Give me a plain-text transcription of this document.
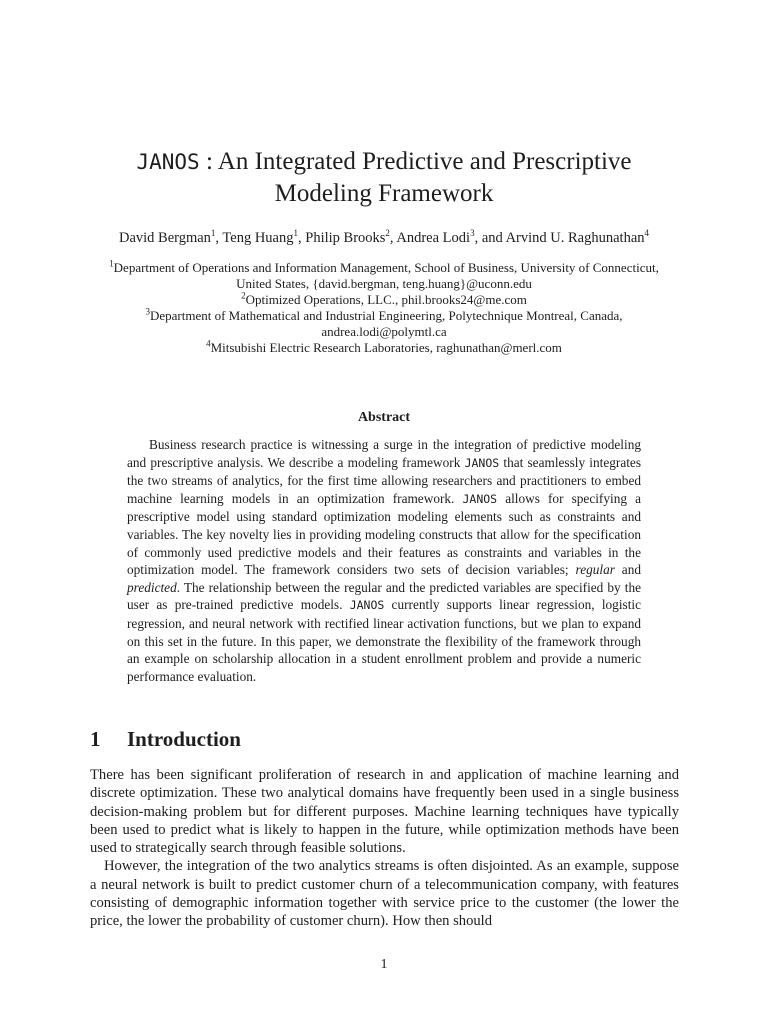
JANOS : An Integrated Predictive and Prescriptive
Modeling Framework
David Bergman$^1$, Teng Huang$^1$, Philip Brooks$^2$, Andrea Lodi$^3$, and Arvind U. Raghunathan$^4$

$^1$Department of Operations and Information Management, School of Business, University of Connecticut,

United States, {david.bergman, teng.huang}@uconn.edu

$^2$Optimized Operations, LLC., phil.brooks24@me.com

$^3$Department of Mathematical and Industrial Engineering, Polytechnique Montreal, Canada,

andrea.lodi@polymtl.ca

$^4$Mitsubishi Electric Research Laboratories, raghunathan@merl.com

Abstract

Business research practice is witnessing a surge in the integration of predictive modeling and prescriptive analysis. We describe a modeling framework JANOS that seamlessly integrates the two streams of analytics, for the first time allowing researchers and practitioners to embed machine learning models in an optimization framework. JANOS allows for specifying a prescriptive model using standard optimization modeling elements such as constraints and variables. The key novelty lies in providing modeling constructs that allow for the specification of commonly used predictive models and their features as constraints and variables in the optimization model. The framework considers two sets of decision variables; regular and predicted. The relationship between the regular and the predicted variables are specified by the user as pre-trained predictive models. JANOS currently supports linear regression, logistic regression, and neural network with rectified linear activation functions, but we plan to expand on this set in the future. In this paper, we demonstrate the flexibility of the framework through an example on scholarship allocation in a student enrollment problem and provide a numeric performance evaluation.

1 Introduction

There has been significant proliferation of research in and application of machine learning and discrete optimization. These two analytical domains have frequently been used in a single business decision-making problem but for different purposes. Machine learning techniques have typically been used to predict what is likely to happen in the future, while optimization methods have been used to strategically search through feasible solutions.

However, the integration of the two analytics streams is often disjointed. As an example, suppose a neural network is built to predict customer churn of a telecommunication company, with features consisting of demographic information together with service price to the customer (the lower the price, the lower the probability of customer churn). How then should

1
